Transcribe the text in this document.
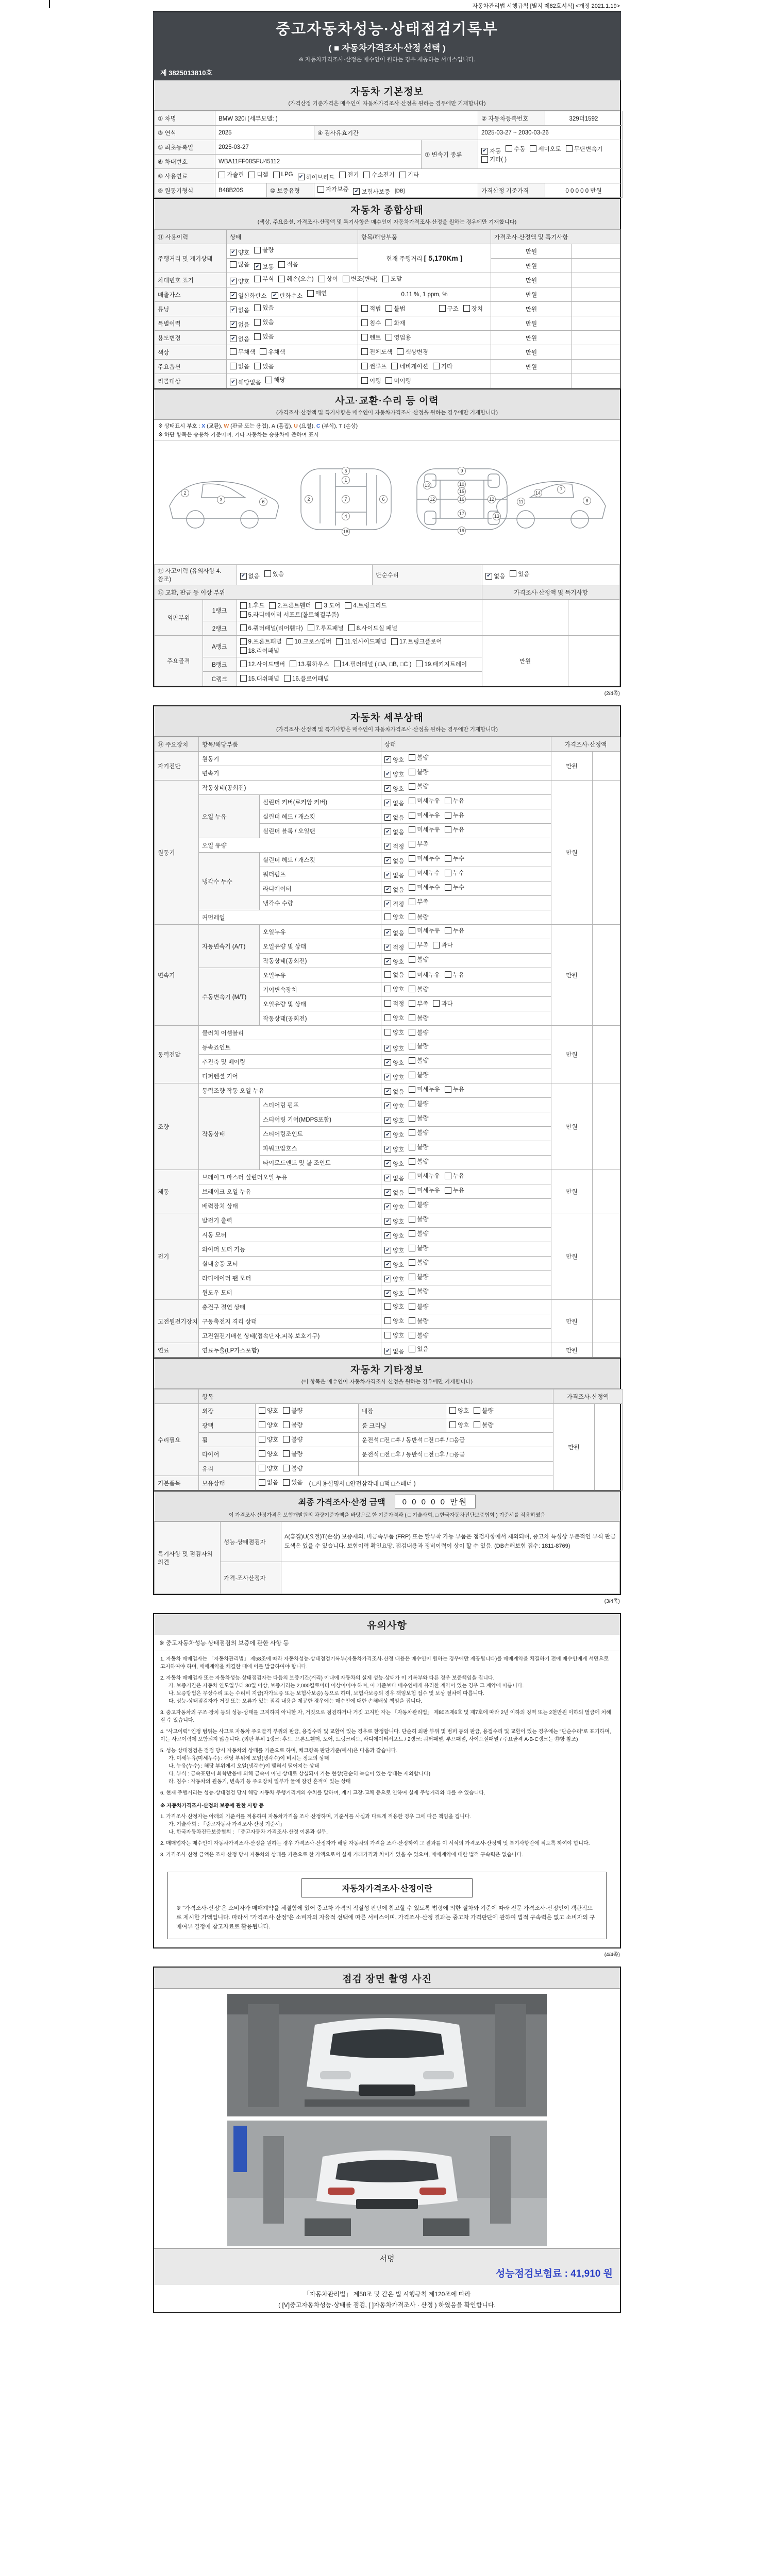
자동차관리법 시행규칙 [별지 제82호서식] <개정 2021.1.19>
중고자동차성능·상태점검기록부
( ■ 자동차가격조사·산정 선택 )
※ 자동차가격조사·산정은 매수인이 원하는 경우 제공하는 서비스입니다.
제 3825013810호
자동차 기본정보
(가격산정 기준가격은 매수인이 자동차가격조사·산정을 원하는 경우에만 기재합니다)
① 차명	BMW 320i (세부모델: )				② 자동차등록번호	329더1592
③ 연식	2025		④ 검사유효기간		2025-03-27 ~ 2030-03-26	
⑤ 최초등록일	2025-03-27	⑦ 변속기 종류	
✔ 자동 수동 세미오토 무단변속기
기타( )

⑥ 차대번호	WBA11FF08SFU45112					
⑧ 사용연료	가솔린 디젤 LPG ✔ 하이브리드 전기 수소전기 기타

⑨ 원동기형식	B48B20S	⑩ 보증유형	자가보증 ✔ 보험사보증 [DB]		가격산정 기준가격	0 0 0 0 0 만원
자동차 종합상태
(색상, 주요옵션, 가격조사·산정액 및 특기사항은 매수인이 자동차가격조사·산정을 원하는 경우에만 기재합니다)
⑪ 사용이력	상태	항목/해당부품	가격조사·산정액 및 특기사항	
주행거리 및 계기상태	✔ 양호 불량	현재 주행거리 [ 5,170Km ]	만원	

	많음 ✔ 보통 적음		만원	
차대번호 표기	✔ 양호 부식 훼손(오손) 상이 변조(변타) 도말	만원	
배출가스	✔ 일산화탄소 ✔ 탄화수소 매연	0.11 %, 1 ppm, %	만원	
튜닝	✔ 없음 있음	적법 불법 구조 장치	만원	
특별이력	✔ 없음 있음	침수 화재	만원	
용도변경	✔ 없음 있음	렌트 영업용	만원	
색상	무채색 유채색	전체도색 색상변경	만원	
주요옵션	없음 있음	썬루프 네비게이션 기타	만원	
리콜대상	✔ 해당없음 해당	이행 미이행		

사고·교환·수리 등 이력
(가격조사·산정액 및 특기사항은 매수인이 자동차가격조사·산정을 원하는 경우에만 기재합니다)
※ 상태표시 부호 : X (교환), W (판금 또는 용접), A (흠집), U (요철), C (부식), T (손상)
※ 하단 항목은 승용차 기준이며, 기타 자동차는 승용차에 준하여 표시
2
3	6
5
1
7
4
18
2	6
9
10
12	12
16
17
19
13
13
14
7
8
11
15
⑫ 사고이력 (유의사항 4.참조)		✔ 없음 있음	단순수리	✔ 없음 있음	

⑬ 교환, 판금 등 이상 부위				가격조사·산정액 및 특기사항	
외판부위	1랭크	1.후드 2.프론트휀더 3.도어 4.트렁크리드
5.라디에이터 서포트(볼트체결부품)			

	2랭크	6.쿼터패널(리어휀다) 7.루프패널 8.사이드실 패널			

주요골격	A랭크	9.프론트패널 10.크로스멤버 11.인사이드패널 17.트렁크플로어
18.리어패널		만원	
	B랭크	12.사이드멤버 13.휠하우스 14.필러패널 ( □A, □B, □C ) 19.패키지트레이			

	C랭크	15.대쉬패널 16.플로어패널			
(2/4쪽)
자동차 세부상태
(가격조사·산정액 및 특기사항은 매수인이 자동차가격조사·산정을 원하는 경우에만 기재합니다)
⑭ 주요장치	항목/해당부품		상태	가격조사·산정액	
자기진단	원동기		✔ 양호 불량	만원	
	변속기		✔ 양호 불량		

원동기	작동상태(공회전)		✔ 양호 불량	만원	
	오일 누유	실린더 커버(로커암 커버)	✔ 없음 미세누유 누유		

		실린더 헤드 / 개스킷	✔ 없음 미세누유 누유		

		실린더 블록 / 오일팬	✔ 없음 미세누유 누유		

	오일 유량		✔ 적정 부족		

	냉각수 누수	실린더 헤드 / 개스킷	✔ 없음 미세누수 누수		

		워터펌프	✔ 없음 미세누수 누수		

		라디에이터	✔ 없음 미세누수 누수		

		냉각수 수량	✔ 적정 부족		

	커먼레일		양호 불량		

변속기	자동변속기 (A/T)	오일누유	✔ 없음 미세누유 누유	만원	
		오일유량 및 상태	✔ 적정 부족 과다		

		작동상태(공회전)	✔ 양호 불량		

	수동변속기 (M/T)	오일누유	없음 미세누유 누유		

		기어변속장치	양호 불량		

		오일유량 및 상태	적정 부족 과다		

		작동상태(공회전)	양호 불량		

동력전달	클러치 어셈블리		양호 불량	만원	
	등속죠인트		✔ 양호 불량		

	추진축 및 베어링		✔ 양호 불량		

	디퍼렌셜 기어		✔ 양호 불량		

조향	동력조향 작동 오일 누유		✔ 없음 미세누유 누유	만원	
	작동상태	스티어링 펌프	✔ 양호 불량		

		스티어링 기어(MDPS포함)	✔ 양호 불량		

		스티어링조인트	✔ 양호 불량		

		파워고압호스	✔ 양호 불량		

		타이로드엔드 및 볼 조인트	✔ 양호 불량		

제동	브레이크 마스터 실린더오일 누유		✔ 없음 미세누유 누유	만원	
	브레이크 오일 누유		✔ 없음 미세누유 누유		

	배력장치 상태		✔ 양호 불량		

전기	발전기 출력		✔ 양호 불량	만원	
	시동 모터		✔ 양호 불량		

	와이퍼 모터 기능		✔ 양호 불량		

	실내송풍 모터		✔ 양호 불량		

	라디에이터 팬 모터		✔ 양호 불량		

	윈도우 모터		✔ 양호 불량		

고전원전기장치	충전구 절연 상태		양호 불량	만원	
	구동축전지 격리 상태		양호 불량		

	고전원전기배선 상태(접속단자,피복,보호기구)		양호 불량		

연료	연료누출(LP가스포함)		✔ 없음 있음	만원	
자동차 기타정보
(이 항목은 매수인이 자동차가격조사·산정을 원하는 경우에만 기재합니다)
	항목				가격조사·산정액	
수리필요	외장	양호 불량	내장	양호 불량	만원	
	광택	양호 불량	룸 크리닝	양호 불량		

	휠	양호 불량	운전석 □전 □후 / 동반석 □전 □후 / □응급			
	타이어	양호 불량	운전석 □전 □후 / 동반석 □전 □후 / □응급			
	유리	양호 불량				

기본품목	보유상태	없음 있음 ( □사용설명서 □안전삼각대 □잭 □스패너 )				
최종 가격조사·산정 금액	0 0 0 0 0 만원
이 가격조사·산정가격은 보험개발원의 차량기준가액을 바탕으로 한 기준가격과 ( □ 기술사회, □ 한국자동차진단보증협회 ) 기준서를 적용하였음
특기사항 및 점검자의 의견	성능·상태점검자	A(흠집)U(요철)T(손상) 보증제외, 비금속부품 (FRP) 또는 탈부착 가능 부품은 점검사항에서 제외되며, 중고차 특성상 부분적인 부식 판금 도색은 있을 수 있습니다. 보험이력 확인요망. 점검내용과 정비이력이 상이 할 수 있음. (DB손해보험 접수: 1811-8769)
	가격·조사산정자	
(3/4쪽)
유의사항
※ 중고자동차성능·상태점검의 보증에 관한 사항 등
1. 자동차 매매업자는 「자동차관리법」 제58조에 따라 자동차성능·상태점검기록부(자동차가격조사·산정 내용은 매수인이 원하는 경우에만 제공됩니다)를 매매계약을 체결하기 전에 매수인에게 서면으로 고지하여야 하며, 매매계약을 체결한 때에 이를 발급하여야 합니다.
2. 자동차 매매업자 또는 자동차성능·상태점검자는 다음의 보증기간(거리) 이내에 자동차의 실제 성능·상태가 이 기록부와 다른 경우 보증책임을 집니다.
가. 보증기간은 자동차 인도일부터 30일 이상, 보증거리는 2,000킬로미터 이상이어야 하며, 이 기준보다 매수인에게 유리한 계약이 있는 경우 그 계약에 따릅니다.
나. 보증방법은 무상수리 또는 수리비 지급(자가보증 또는 보험사보증) 등으로 하며, 보험사보증의 경우 책임보험 접수 및 보상 절차에 따릅니다.
다. 성능·상태점검자가 거짓 또는 오류가 있는 점검 내용을 제공한 경우에는 매수인에 대한 손해배상 책임을 집니다.
3. 중고자동차의 구조·장치 등의 성능·상태를 고지하지 아니한 자, 거짓으로 점검하거나 거짓 고지한 자는 「자동차관리법」 제80조제6호 및 제7호에 따라 2년 이하의 징역 또는 2천만원 이하의 벌금에 처해질 수 있습니다.
4. "사고이력" 인정 범위는 사고로 자동차 주요골격 부위의 판금, 용접수리 및 교환이 있는 경우로 한정합니다. 단순히 외판 부위 및 범퍼 등의 판금, 용접수리 및 교환이 있는 경우에는 "단순수리"로 표기하며, 이는 사고이력에 포함되지 않습니다. (외판 부위 1랭크: 후드, 프론트휀더, 도어, 트렁크리드, 라디에이터서포트 / 2랭크: 쿼터패널, 루프패널, 사이드실패널 / 주요골격 A·B·C랭크는 ⑬항 참조)
5. 성능·상태점검은 점검 당시 자동차의 상태를 기준으로 하며, 체크항목 판단기준(예시)은 다음과 같습니다.
가. 미세누유(미세누수) : 해당 부위에 오일(냉각수)이 비치는 정도의 상태
나. 누유(누수) : 해당 부위에서 오일(냉각수)이 맺혀서 떨어지는 상태
다. 부식 : 금속표면이 화학반응에 의해 금속이 아닌 상태로 상실되어 가는 현상(단순히 녹슬어 있는 상태는 제외합니다)
라. 침수 : 자동차의 원동기, 변속기 등 주요장치 일부가 물에 잠긴 흔적이 있는 상태
6. 현재 주행거리는 성능·상태점검 당시 해당 자동차 주행거리계의 수치를 말하며, 계기 고장·교체 등으로 인하여 실제 주행거리와 다를 수 있습니다.
※ 자동차가격조사·산정의 보증에 관한 사항 등
1. 가격조사·산정자는 아래의 기준서를 적용하여 자동차가격을 조사·산정하며, 기준서를 사실과 다르게 적용한 경우 그에 따른 책임을 집니다.
가. 기술사회 : 「중고자동차 가격조사·산정 기준서」
나. 한국자동차진단보증협회 : 「중고자동차 가격조사·산정 이론과 실무」
2. 매매업자는 매수인이 자동차가격조사·산정을 원하는 경우 가격조사·산정자가 해당 자동차의 가격을 조사·산정하여 그 결과를 이 서식의 가격조사·산정액 및 특기사항란에 적도록 하여야 합니다.
3. 가격조사·산정 금액은 조사·산정 당시 자동차의 상태를 기준으로 한 가액으로서 실제 거래가격과 차이가 있을 수 있으며, 매매계약에 대한 법적 구속력은 없습니다.
자동차가격조사·산정이란
※ "가격조사·산정"은 소비자가 매매계약을 체결함에 있어 중고차 가격의 적절성 판단에 참고할 수 있도록 법령에 의한 절차와 기준에 따라 전문 가격조사·산정인이 객관적으로 제시한 가액입니다. 따라서 "가격조사·산정"은 소비자의 자율적 선택에 따른 서비스이며, 가격조사·산정 결과는 중고차 가격판단에 관하여 법적 구속력은 없고 소비자의 구매여부 결정에 참고자료로 활용됩니다.
(4/4쪽)
점검 장면 촬영 사진
서명
성능점검보험료 : 41,910 원
「자동차관리법」 제58조 및 같은 법 시행규칙 제120조에 따라
( [V]중고자동차성능·상태를 점검, [ ]자동차가격조사 · 산정 ) 하였음을 확인합니다.
